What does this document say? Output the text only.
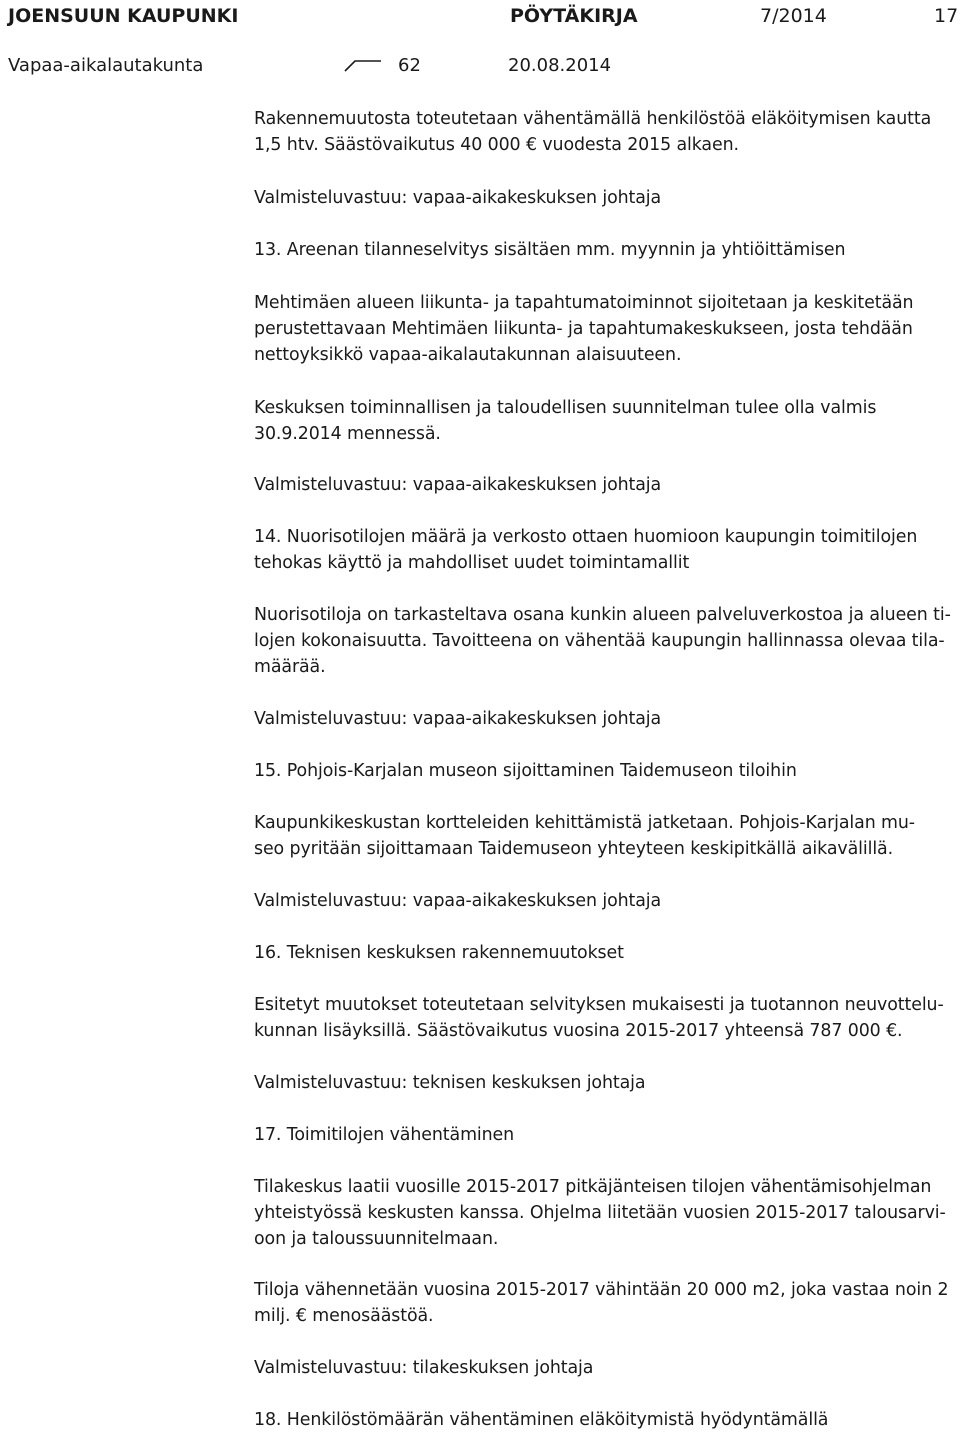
JOENSUUN KAUPUNKI	PÖYTÄKIRJA	7/2014	17
Vapaa-aikalautakunta	62	20.08.2014
Rakennemuutosta toteutetaan vähentämällä henkilöstöä eläköitymisen kautta
1,5 htv. Säästövaikutus 40 000 € vuodesta 2015 alkaen.
Valmisteluvastuu: vapaa-aikakeskuksen johtaja
13. Areenan tilanneselvitys sisältäen mm. myynnin ja yhtiöittämisen
Mehtimäen alueen liikunta- ja tapahtumatoiminnot sijoitetaan ja keskitetään
perustettavaan Mehtimäen liikunta- ja tapahtumakeskukseen, josta tehdään
nettoyksikkö vapaa-aikalautakunnan alaisuuteen.
Keskuksen toiminnallisen ja taloudellisen suunnitelman tulee olla valmis
30.9.2014 mennessä.
Valmisteluvastuu: vapaa-aikakeskuksen johtaja
14. Nuorisotilojen määrä ja verkosto ottaen huomioon kaupungin toimitilojen
tehokas käyttö ja mahdolliset uudet toimintamallit
Nuorisotiloja on tarkasteltava osana kunkin alueen palveluverkostoa ja alueen ti-
lojen kokonaisuutta. Tavoitteena on vähentää kaupungin hallinnassa olevaa tila-
määrää.
Valmisteluvastuu: vapaa-aikakeskuksen johtaja
15. Pohjois-Karjalan museon sijoittaminen Taidemuseon tiloihin
Kaupunkikeskustan kortteleiden kehittämistä jatketaan. Pohjois-Karjalan mu-
seo pyritään sijoittamaan Taidemuseon yhteyteen keskipitkällä aikavälillä.
Valmisteluvastuu: vapaa-aikakeskuksen johtaja
16. Teknisen keskuksen rakennemuutokset
Esitetyt muutokset toteutetaan selvityksen mukaisesti ja tuotannon neuvottelu-
kunnan lisäyksillä. Säästövaikutus vuosina 2015-2017 yhteensä 787 000 €.
Valmisteluvastuu: teknisen keskuksen johtaja
17. Toimitilojen vähentäminen
Tilakeskus laatii vuosille 2015-2017 pitkäjänteisen tilojen vähentämisohjelman
yhteistyössä keskusten kanssa. Ohjelma liitetään vuosien 2015-2017 talousarvi-
oon ja taloussuunnitelmaan.
Tiloja vähennetään vuosina 2015-2017 vähintään 20 000 m2, joka vastaa noin 2
milj. € menosäästöä.
Valmisteluvastuu: tilakeskuksen johtaja
18. Henkilöstömäärän vähentäminen eläköitymistä hyödyntämällä
